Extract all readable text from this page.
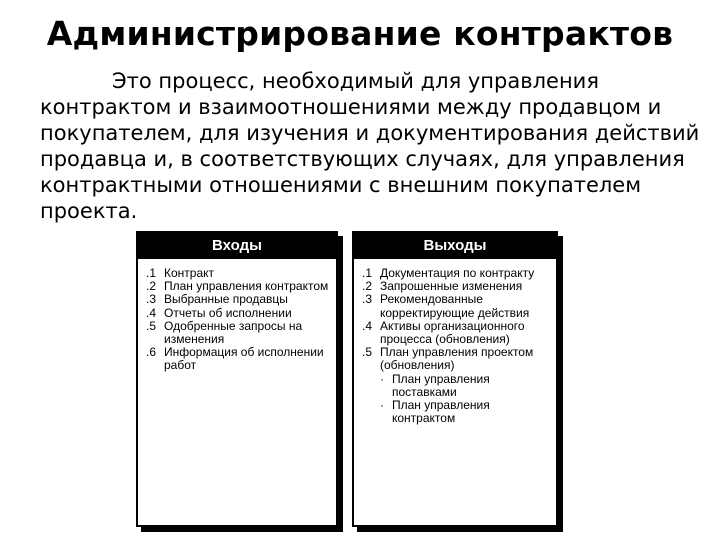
Администрирование контрактов

Это процесс, необходимый для управления контрактом и взаимоотношениями между продавцом и покупателем, для изучения и документирования действий продавца и, в соответствующих случаях, для управления контрактными отношениями с внешним покупателем проекта.

Входы
.1 Контракт
.2 План управления контрактом
.3 Выбранные продавцы
.4 Отчеты об исполнении
.5 Одобренные запросы на изменения
.6 Информация об исполнении работ
Выходы
.1 Документация по контракту
.2 Запрошенные изменения
.3 Рекомендованные корректирующие действия
.4 Активы организационного процесса (обновления)
.5 План управления проектом (обновления)
· План управления поставками
· План управления контрактом
